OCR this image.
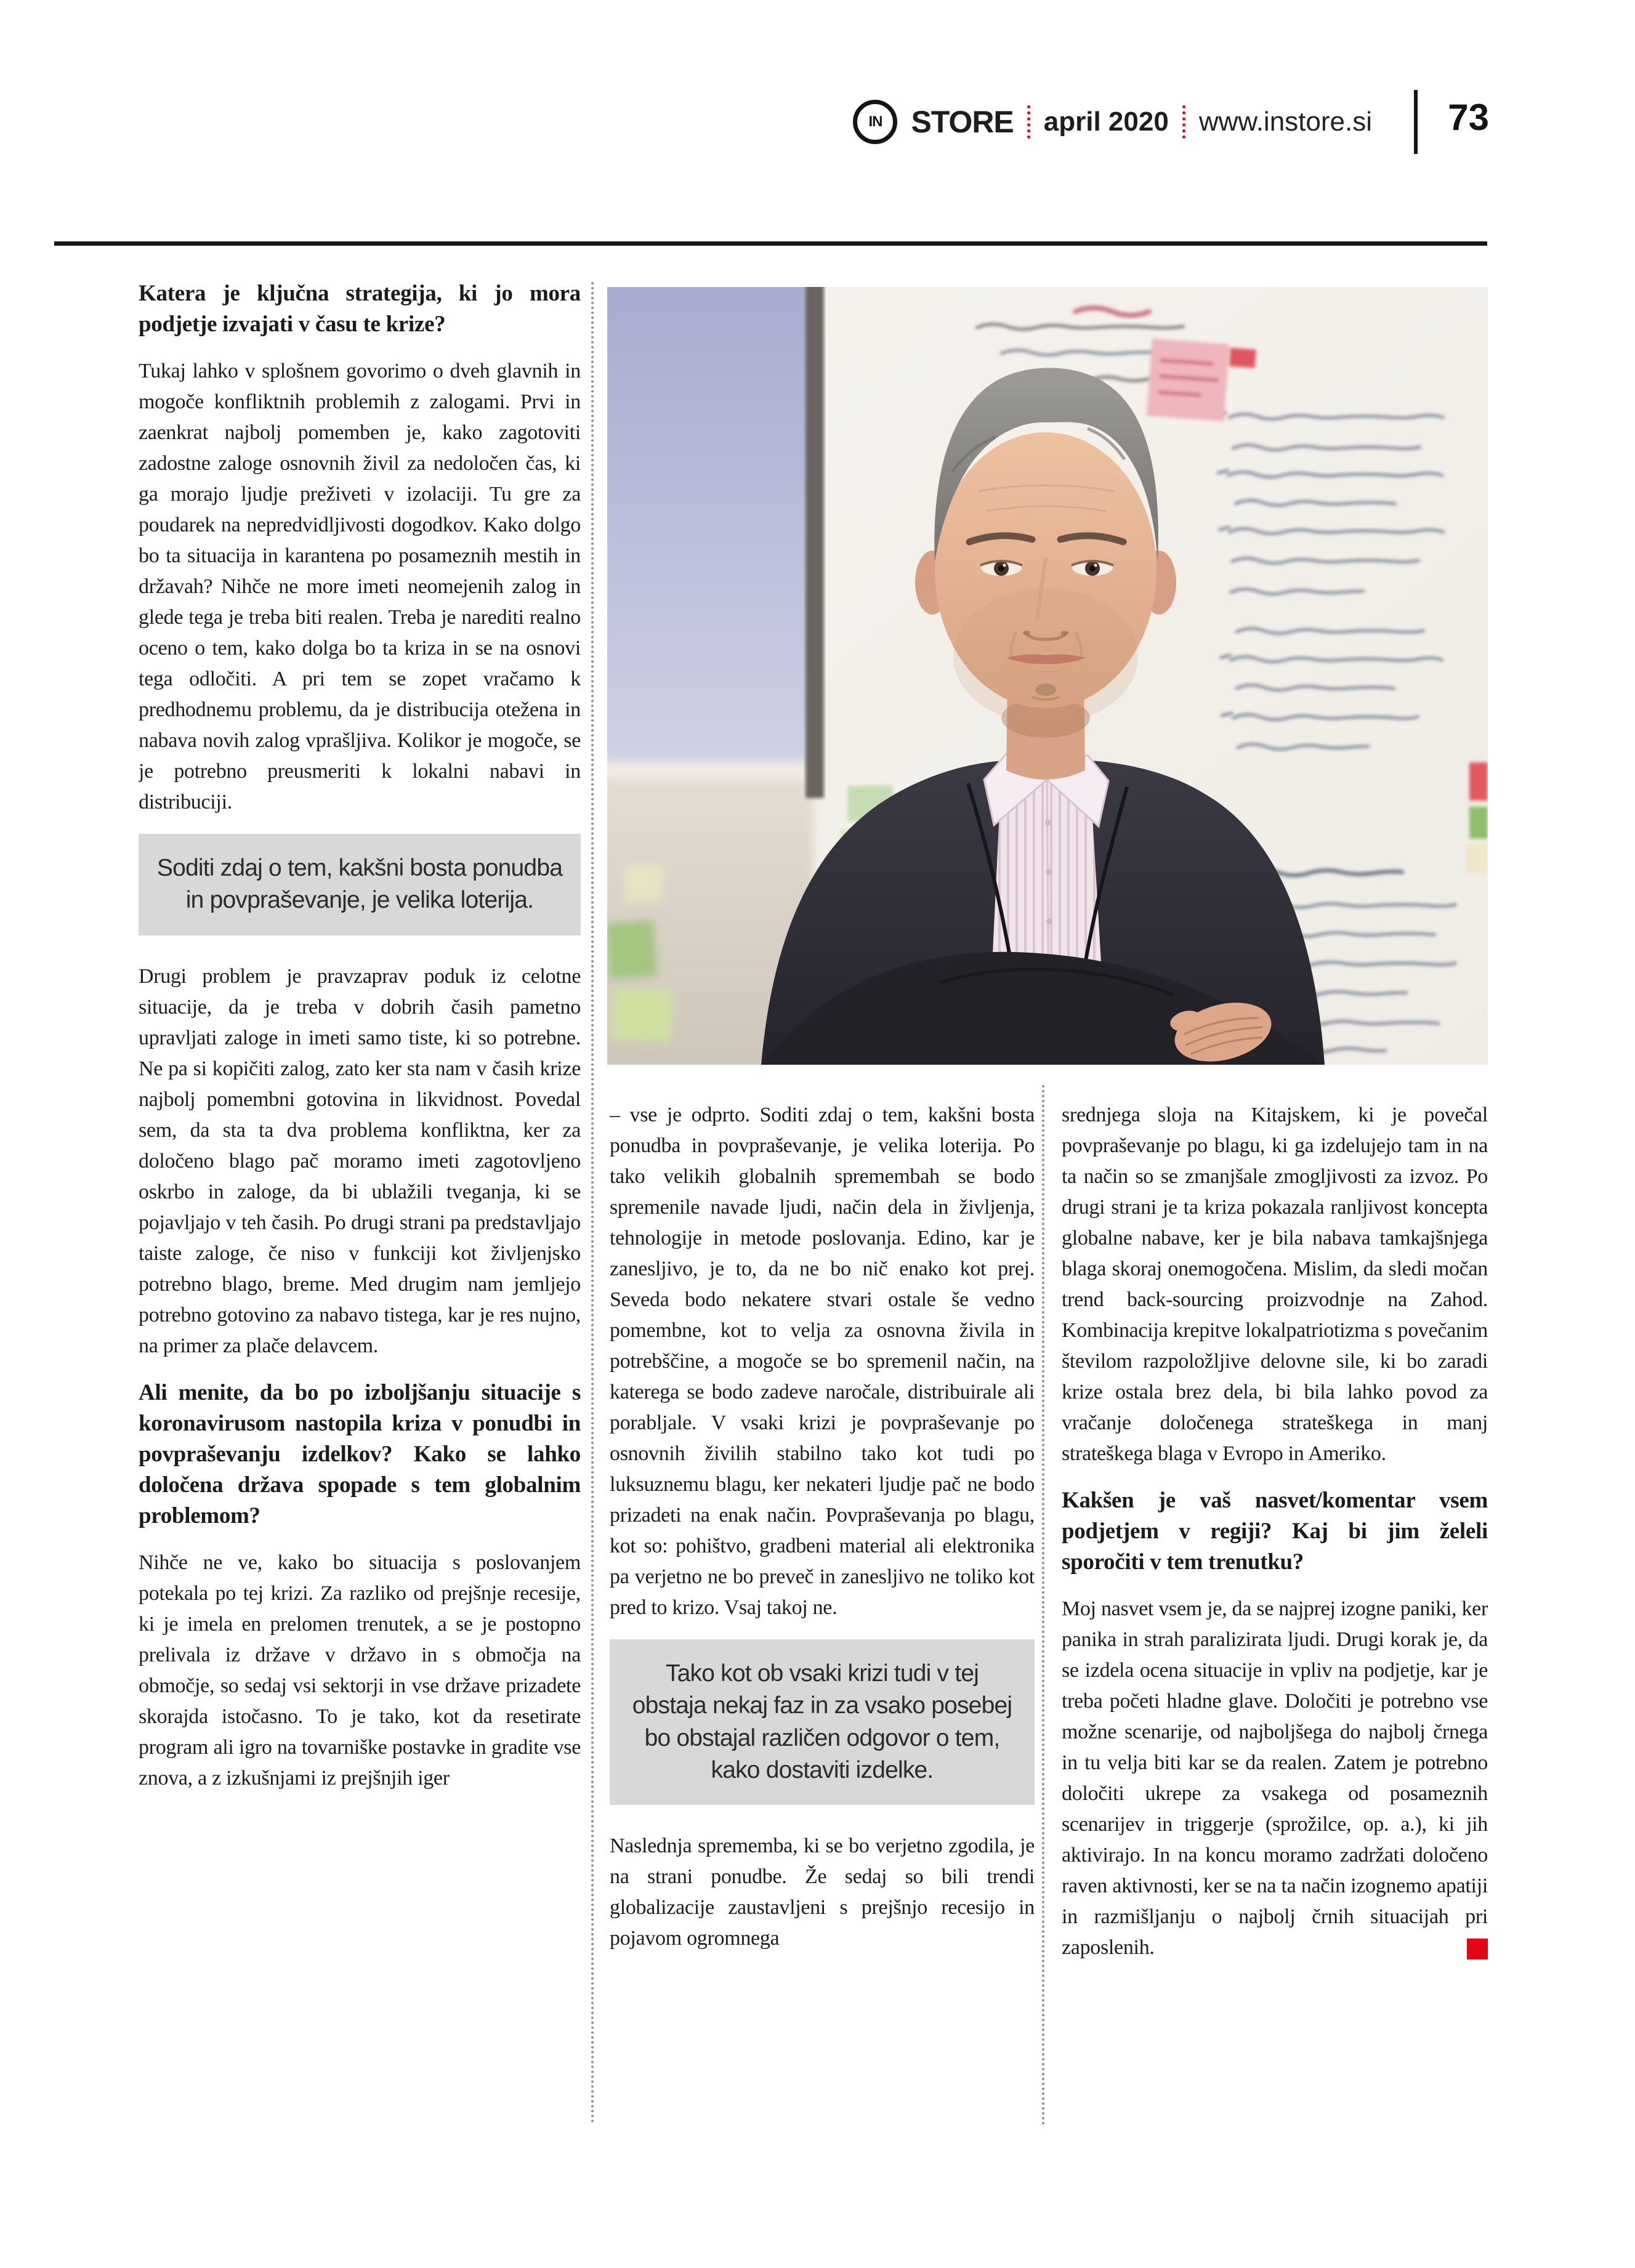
IN STORE april 2020 www.instore.si 73
Katera je ključna strategija, ki jo mora podjetje izvajati v času te krize?

Tukaj lahko v splošnem govorimo o dveh glavnih in mogoče konfliktnih problemih z zalogami. Prvi in zaenkrat najbolj pomemben je, kako zagotoviti zadostne zaloge osnovnih živil za nedoločen čas, ki ga morajo ljudje preživeti v izolaciji. Tu gre za poudarek na nepredvidljivosti dogodkov. Kako dolgo bo ta situacija in karantena po posameznih mestih in državah? Nihče ne more imeti neomejenih zalog in glede tega je treba biti realen. Treba je narediti realno oceno o tem, kako dolga bo ta kriza in se na osnovi tega odločiti. A pri tem se zopet vračamo k predhodnemu problemu, da je distribucija otežena in nabava novih zalog vprašljiva. Kolikor je mogoče, se je potrebno preusmeriti k lokalni nabavi in distribuciji.

Soditi zdaj o tem, kakšni bosta ponudba in povpraševanje, je velika loterija.

Drugi problem je pravzaprav poduk iz celotne situacije, da je treba v dobrih časih pametno upravljati zaloge in imeti samo tiste, ki so potrebne. Ne pa si kopičiti zalog, zato ker sta nam v časih krize najbolj pomembni gotovina in likvidnost. Povedal sem, da sta ta dva problema konfliktna, ker za določeno blago pač moramo imeti zagotovljeno oskrbo in zaloge, da bi ublažili tveganja, ki se pojavljajo v teh časih. Po drugi strani pa predstavljajo taiste zaloge, če niso v funkciji kot življenjsko potrebno blago, breme. Med drugim nam jemljejo potrebno gotovino za nabavo tistega, kar je res nujno, na primer za plače delavcem.

Ali menite, da bo po izboljšanju situacije s koronavirusom nastopila kriza v ponudbi in povpraševanju izdelkov? Kako se lahko določena država spopade s tem globalnim problemom?

Nihče ne ve, kako bo situacija s poslovanjem potekala po tej krizi. Za razliko od prejšnje recesije, ki je imela en prelomen trenutek, a se je postopno prelivala iz države v državo in s območja na območje, so sedaj vsi sektorji in vse države prizadete skorajda istočasno. To je tako, kot da resetirate program ali igro na tovarniške postavke in gradite vse znova, a z izkušnjami iz prejšnjih iger

– vse je odprto. Soditi zdaj o tem, kakšni bosta ponudba in povpraševanje, je velika loterija. Po tako velikih globalnih spremembah se bodo spremenile navade ljudi, način dela in življenja, tehnologije in metode poslovanja. Edino, kar je zanesljivo, je to, da ne bo nič enako kot prej. Seveda bodo nekatere stvari ostale še vedno pomembne, kot to velja za osnovna živila in potrebščine, a mogoče se bo spremenil način, na katerega se bodo zadeve naročale, distribuirale ali porabljale. V vsaki krizi je povpraševanje po osnovnih živilih stabilno tako kot tudi po luksuznemu blagu, ker nekateri ljudje pač ne bodo prizadeti na enak način. Povpraševanja po blagu, kot so: pohištvo, gradbeni material ali elektronika pa verjetno ne bo preveč in zanesljivo ne toliko kot pred to krizo. Vsaj takoj ne.

Tako kot ob vsaki krizi tudi v tej obstaja nekaj faz in za vsako posebej bo obstajal različen odgovor o tem, kako dostaviti izdelke.

Naslednja sprememba, ki se bo verjetno zgodila, je na strani ponudbe. Že sedaj so bili trendi globalizacije zaustavljeni s prejšnjo recesijo in pojavom ogromnega

srednjega sloja na Kitajskem, ki je povečal povpraševanje po blagu, ki ga izdelujejo tam in na ta način so se zmanjšale zmogljivosti za izvoz. Po drugi strani je ta kriza pokazala ranljivost koncepta globalne nabave, ker je bila nabava tamkajšnjega blaga skoraj onemogočena. Mislim, da sledi močan trend back-sourcing proizvodnje na Zahod. Kombinacija krepitve lokalpatriotizma s povečanim številom razpoložljive delovne sile, ki bo zaradi krize ostala brez dela, bi bila lahko povod za vračanje določenega strateškega in manj strateškega blaga v Evropo in Ameriko.

Kakšen je vaš nasvet/komentar vsem podjetjem v regiji? Kaj bi jim želeli sporočiti v tem trenutku?

Moj nasvet vsem je, da se najprej izogne paniki, ker panika in strah paralizirata ljudi. Drugi korak je, da se izdela ocena situacije in vpliv na podjetje, kar je treba početi hladne glave. Določiti je potrebno vse možne scenarije, od najboljšega do najbolj črnega in tu velja biti kar se da realen. Zatem je potrebno določiti ukrepe za vsakega od posameznih scenarijev in triggerje (sprožilce, op. a.), ki jih aktivirajo. In na koncu moramo zadržati določeno raven aktivnosti, ker se na ta način izognemo apatiji in razmišljanju o najbolj črnih situacijah pri zaposlenih.
